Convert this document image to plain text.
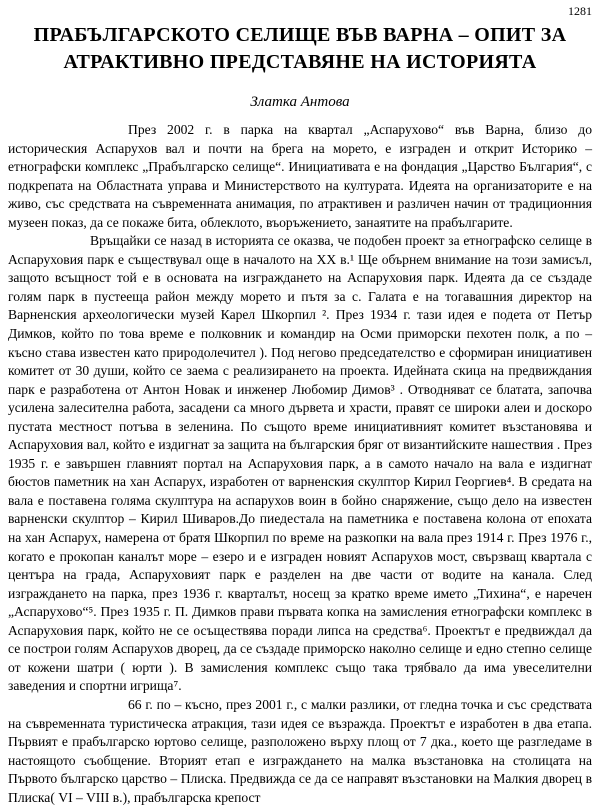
1281
ПРАБЪЛГАРСКОТО СЕЛИЩЕ ВЪВ ВАРНА – ОПИТ ЗА
АТРАКТИВНО ПРЕДСТАВЯНЕ НА ИСТОРИЯТА
Златка Антова

През 2002 г. в парка на квартал „Аспарухово“ във Варна, близо до историческия Аспарухов вал и почти на брега на морето, е изграден и открит Историко – етнографски комплекс „Прабългарско селище“. Инициативата е на фондация „Царство България“, с подкрепата на Областната управа и Министерството на културата. Идеята на организаторите е на живо, със средствата на съвременната анимация, по атрактивен и различен начин от традиционния музеен показ, да се покаже бита, облеклото, въоръжението, занаятите на прабългарите.

Връщайки се назад в историята се оказва, че подобен проект за етнографско селище в Аспаруховия парк е съществувал още в началото на XX в.¹ Ще обърнем внимание на този замисъл, защото всъщност той е в основата на изграждането на Аспаруховия парк. Идеята да се създаде голям парк в пустееща район между морето и пътя за с. Галата е на тогавашния директор на Варненския археологически музей Карел Шкорпил ². През 1934 г. тази идея е подета от Петър Димков, който по това време е полковник и командир на Осми приморски пехотен полк, а по – късно става известен като природолечител ). Под негово председателство е сформиран инициативен комитет от 30 души, който се заема с реализирането на проекта. Идейната скица на предвиждания парк е разработена от Антон Новак и инженер Любомир Димов³ . Отводняват се блатата, започва усилена залесителна работа, засадени са много дървета и храсти, правят се широки алеи и доскоро пустата местност потъва в зеленина. По същото време инициативният комитет възстановява и Аспаруховия вал, който е издигнат за защита на българския бряг от византийските нашествия . През 1935 г. е завършен главният портал на Аспаруховия парк, а в самото начало на вала е издигнат бюстов паметник на хан Аспарух, изработен от варненския скулптор Кирил Георгиев⁴. В средата на вала е поставена голяма скулптура на аспарухов воин в бойно снаряжение, също дело на известен варненски скулптор – Кирил Шиваров.До пиедестала на паметника е поставена колона от епохата на хан Аспарух, намерена от братя Шкорпил по време на разкопки на вала през 1914 г. През 1976 г., когато е прокопан каналът море – езеро и е изграден новият Аспарухов мост, свързващ квартала с центъра на града, Аспаруховият парк е разделен на две части от водите на канала. След изграждането на парка, през 1936 г. кварталът, носещ за кратко време името „Тихина“, е наречен „Аспарухово“⁵. През 1935 г. П. Димков прави първата копка на замисления етнографски комплекс в Аспаруховия парк, който не се осъществява поради липса на средства⁶. Проектът е предвиждал да се построи голям Аспарухов дворец, да се създаде приморско наколно селище и едно степно селище от кожени шатри ( юрти ). В замисления комплекс също така трябвало да има увеселителни заведения и спортни игрища⁷.

66 г. по – късно, през 2001 г., с малки разлики, от гледна точка и със средствата на съвременната туристическа атракция, тази идея се възражда. Проектът е изработен в два етапа. Първият е прабългарско юртово селище, разположено върху площ от 7 дка., което ще разгледаме в настоящото съобщение. Вторият етап е изграждането на малка възстановка на столицата на Първото българско царство – Плиска. Предвижда се да се направят възстановки на Малкия дворец в Плиска( VI – VIII в.), прабългарска крепост
